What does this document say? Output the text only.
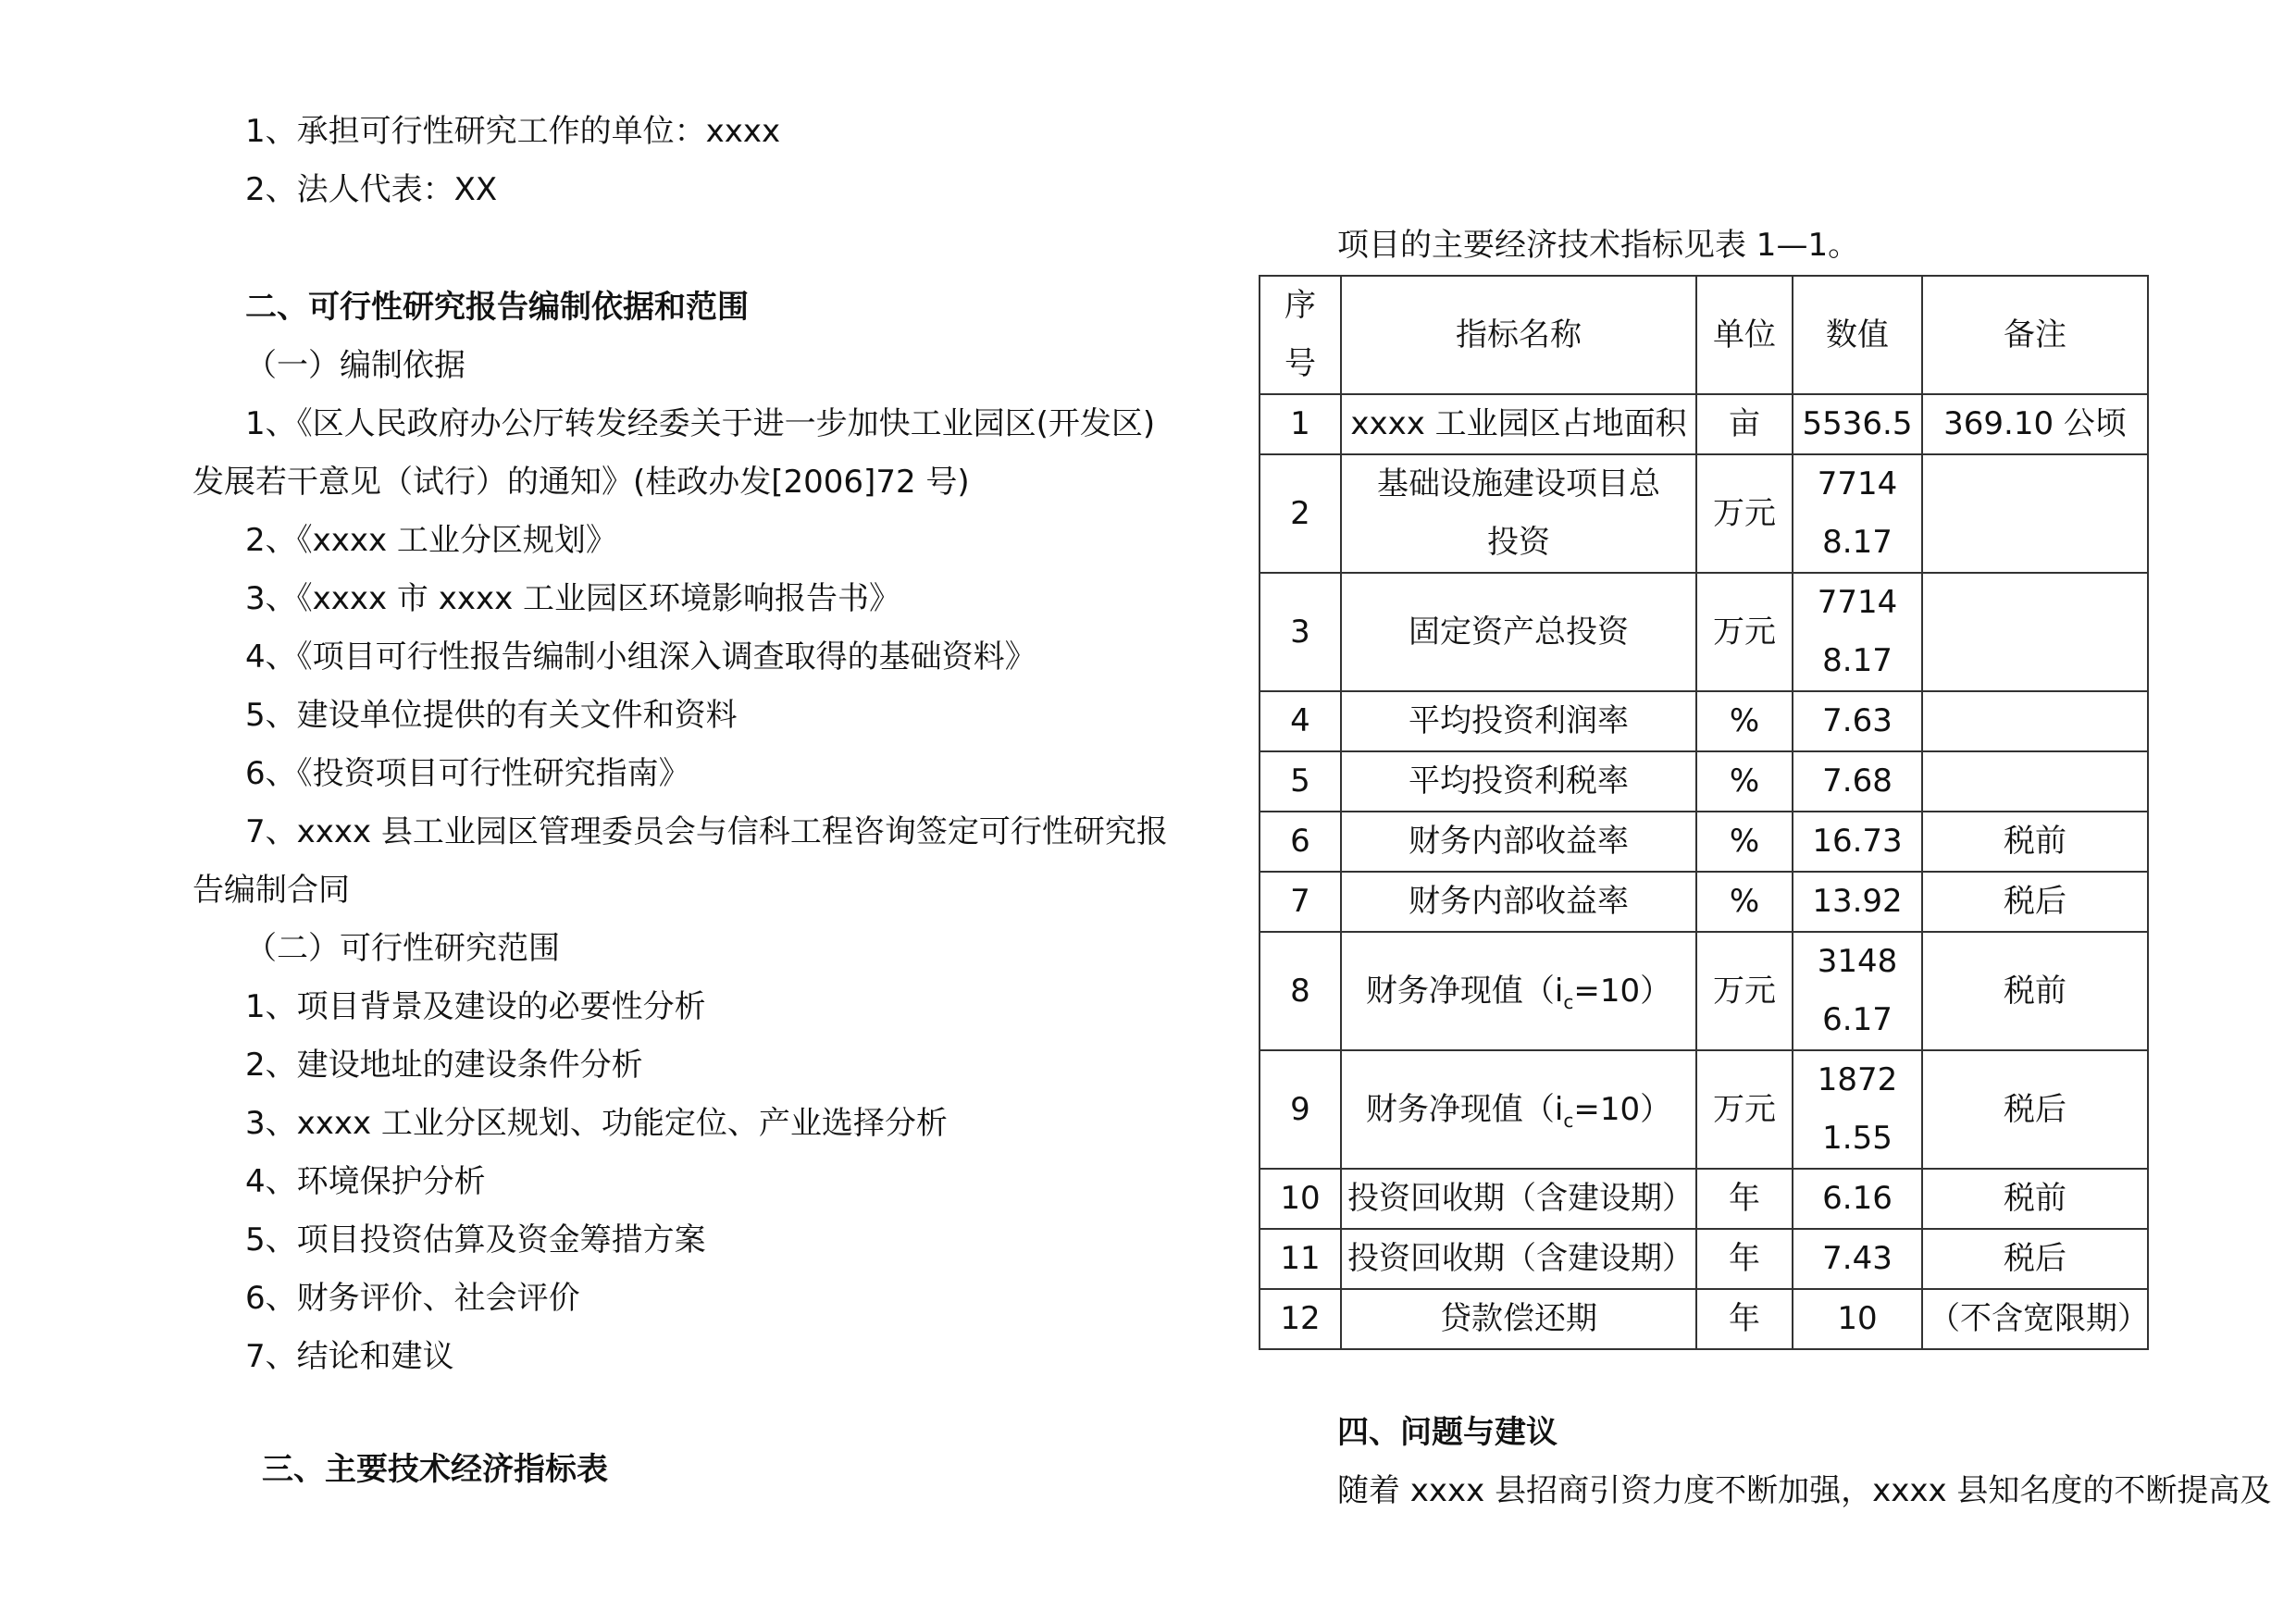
1、承担可行性研究工作的单位：xxxx
2、法人代表：XX
二、可行性研究报告编制依据和范围
（一）编制依据
1、《区人民政府办公厅转发经委关于进一步加快工业园区(开发区)
发展若干意见（试行）的通知》(桂政办发[2006]72 号)
2、《xxxx 工业分区规划》
3、《xxxx 市 xxxx 工业园区环境影响报告书》
4、《项目可行性报告编制小组深入调查取得的基础资料》
5、建设单位提供的有关文件和资料
6、《投资项目可行性研究指南》
7、xxxx 县工业园区管理委员会与信科工程咨询签定可行性研究报
告编制合同
（二）可行性研究范围
1、项目背景及建设的必要性分析
2、建设地址的建设条件分析
3、xxxx 工业分区规划、功能定位、产业选择分析
4、环境保护分析
5、项目投资估算及资金筹措方案
6、财务评价、社会评价
7、结论和建议
三、主要技术经济指标表
项目的主要经济技术指标见表 1—1。
序号	指标名称	单位	数值	备注
1	xxxx 工业园区占地面积	亩	5536.5	369.10 公顷
2	基础设施建设项目总投资	万元	77148.17	
3	固定资产总投资	万元	77148.17	
4	平均投资利润率	%	7.63	
5	平均投资利税率	%	7.68	
6	财务内部收益率	%	16.73	税前
7	财务内部收益率	%	13.92	税后
8	财务净现值$(i_c=10)$	万元	31486.17	税前
9	财务净现值$(i_c=10)$	万元	18721.55	税后
10	投资回收期（含建设期）	年	6.16	税前
11	投资回收期（含建设期）	年	7.43	税后
12	贷款偿还期	年	10	（不含宽限期）
四、问题与建议
随着 xxxx 县招商引资力度不断加强，xxxx 县知名度的不断提高及
